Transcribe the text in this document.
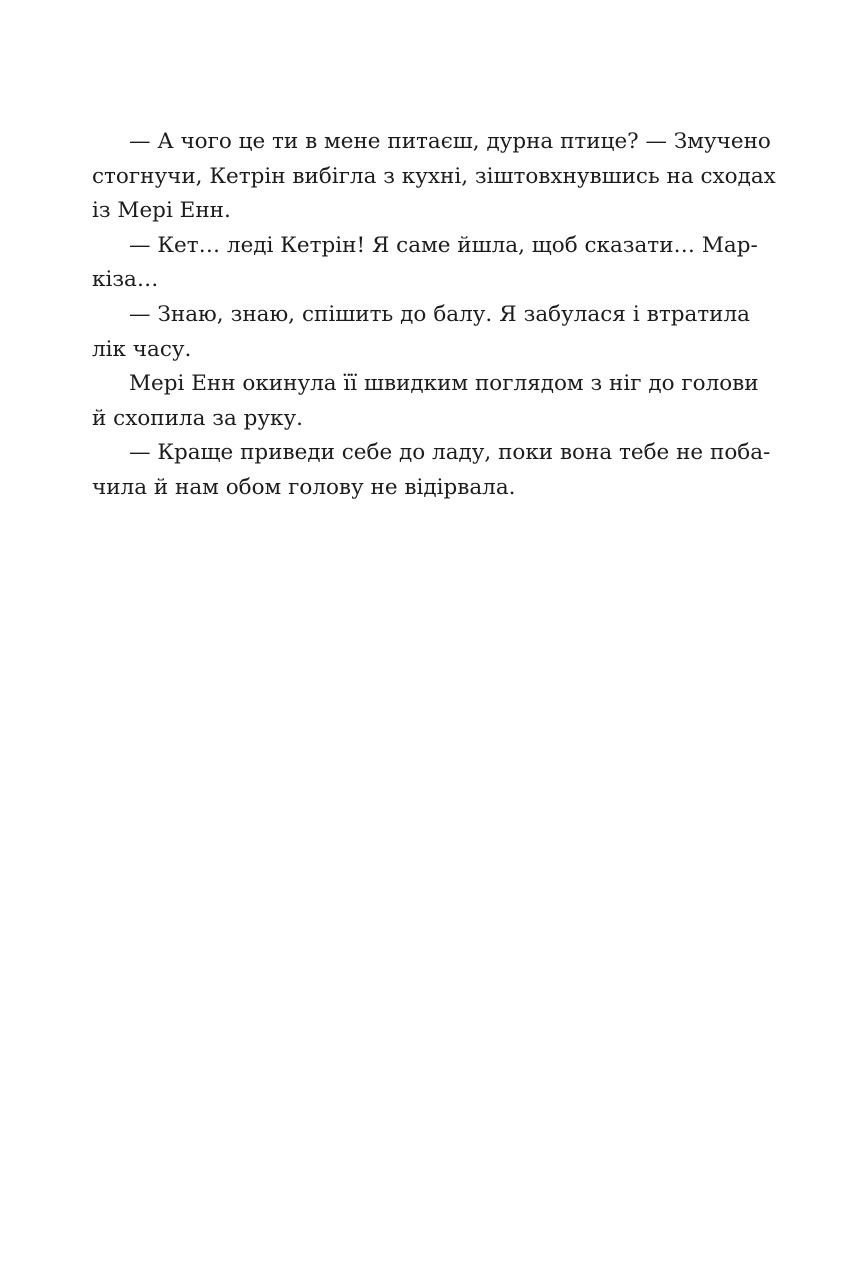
— А чого це ти в мене питаєш, дурна птице? — Змучено
стогнучи, Кетрін вибігла з кухні, зіштовхнувшись на сходах
із Мері Енн.
— Кет… леді Кетрін! Я саме йшла, щоб сказати… Мар-
кіза…
— Знаю, знаю, спішить до балу. Я забулася і втратила
лік часу.
Мері Енн окинула її швидким поглядом з ніг до голови
й схопила за руку.
— Краще приведи себе до ладу, поки вона тебе не поба-
чила й нам обом голову не відірвала.
